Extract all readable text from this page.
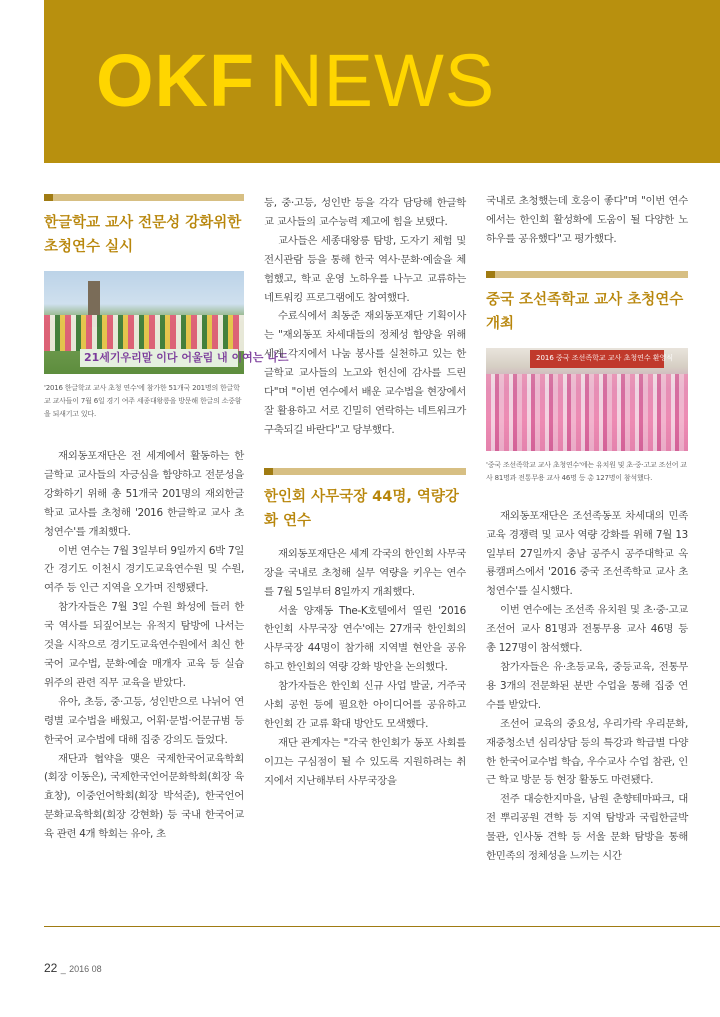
OKF NEWS
한글학교 교사 전문성 강화위한 초청연수 실시
21세기우리말 이다 어울림 내 이여는 나드

'2016 한글학교 교사 초청 연수'에 참가한 51개국 201명의 한글학교 교사들이 7월 6일 경기 여주 세종대왕릉을 방문해 한글의 소중함을 되새기고 있다.

재외동포재단은 전 세계에서 활동하는 한글학교 교사들의 자긍심을 함양하고 전문성을 강화하기 위해 총 51개국 201명의 재외한글학교 교사를 초청해 '2016 한글학교 교사 초청연수'를 개최했다.

이번 연수는 7월 3일부터 9일까지 6박 7일간 경기도 이천시 경기도교육연수원 및 수원, 여주 등 인근 지역을 오가며 진행됐다.

참가자들은 7월 3일 수원 화성에 들러 한국 역사를 되짚어보는 유적지 탐방에 나서는 것을 시작으로 경기도교육연수원에서 최신 한국어 교수법, 문화·예술 매개자 교육 등 실습 위주의 관련 직무 교육을 받았다.

유아, 초등, 중·고등, 성인반으로 나뉘어 연령별 교수법을 배웠고, 어휘·문법·어문규범 등 한국어 교수법에 대해 집중 강의도 들었다.

재단과 협약을 맺은 국제한국어교육학회(회장 이동은), 국제한국언어문화학회(회장 육효창), 이중언어학회(회장 박석준), 한국언어문화교육학회(회장 강현화) 등 국내 한국어교육 관련 4개 학회는 유아, 초

등, 중·고등, 성인반 등을 각각 담당해 한글학교 교사들의 교수능력 제고에 힘을 보탰다.

교사들은 세종대왕릉 탐방, 도자기 체험 및 전시관람 등을 통해 한국 역사·문화·예술을 체험했고, 학교 운영 노하우를 나누고 교류하는 네트워킹 프로그램에도 참여했다.

수료식에서 최동준 재외동포재단 기획이사는 "재외동포 차세대들의 정체성 함양을 위해 세계 각지에서 나눔 봉사를 실천하고 있는 한글학교 교사들의 노고와 헌신에 감사를 드린다"며 "이번 연수에서 배운 교수법을 현장에서 잘 활용하고 서로 긴밀히 연락하는 네트워크가 구축되길 바란다"고 당부했다.

한인회 사무국장 44명, 역량강화 연수

재외동포재단은 세계 각국의 한인회 사무국장을 국내로 초청해 실무 역량을 키우는 연수를 7월 5일부터 8일까지 개최했다.

서울 양재동 The-K호텔에서 열린 '2016 한인회 사무국장 연수'에는 27개국 한인회의 사무국장 44명이 참가해 지역별 현안을 공유하고 한인회의 역량 강화 방안을 논의했다.

참가자들은 한인회 신규 사업 발굴, 거주국 사회 공헌 등에 필요한 아이디어를 공유하고 한인회 간 교류 확대 방안도 모색했다.

재단 관계자는 "각국 한인회가 동포 사회를 이끄는 구심점이 될 수 있도록 지원하려는 취지에서 지난해부터 사무국장을

국내로 초청했는데 호응이 좋다"며 "이번 연수에서는 한인회 활성화에 도움이 될 다양한 노하우를 공유했다"고 평가했다.

중국 조선족학교 교사 초청연수 개최
2016 중국 조선족학교 교사 초청연수 환영식

'중국 조선족학교 교사 초청연수'에는 유치원 및 초·중·고교 조선어 교사 81명과 전통무용 교사 46명 등 총 127명이 참석했다.

재외동포재단은 조선족동포 차세대의 민족교육 경쟁력 및 교사 역량 강화를 위해 7월 13일부터 27일까지 충남 공주시 공주대학교 옥룡캠퍼스에서 '2016 중국 조선족학교 교사 초청연수'를 실시했다.

이번 연수에는 조선족 유치원 및 초·중·고교 조선어 교사 81명과 전통무용 교사 46명 등 총 127명이 참석했다.

참가자들은 유·초등교육, 중등교육, 전통무용 3개의 전문화된 분반 수업을 통해 집중 연수를 받았다.

조선어 교육의 중요성, 우리가락 우리문화, 재중청소년 심리상담 등의 특강과 학급별 다양한 한국어교수법 학습, 우수교사 수업 참관, 인근 학교 방문 등 현장 활동도 마련됐다.

전주 대승한지마을, 남원 춘향테마파크, 대전 뿌리공원 견학 등 지역 탐방과 국립한글박물관, 인사동 견학 등 서울 문화 탐방을 통해 한민족의 정체성을 느끼는 시간

22 _ 2016 08
